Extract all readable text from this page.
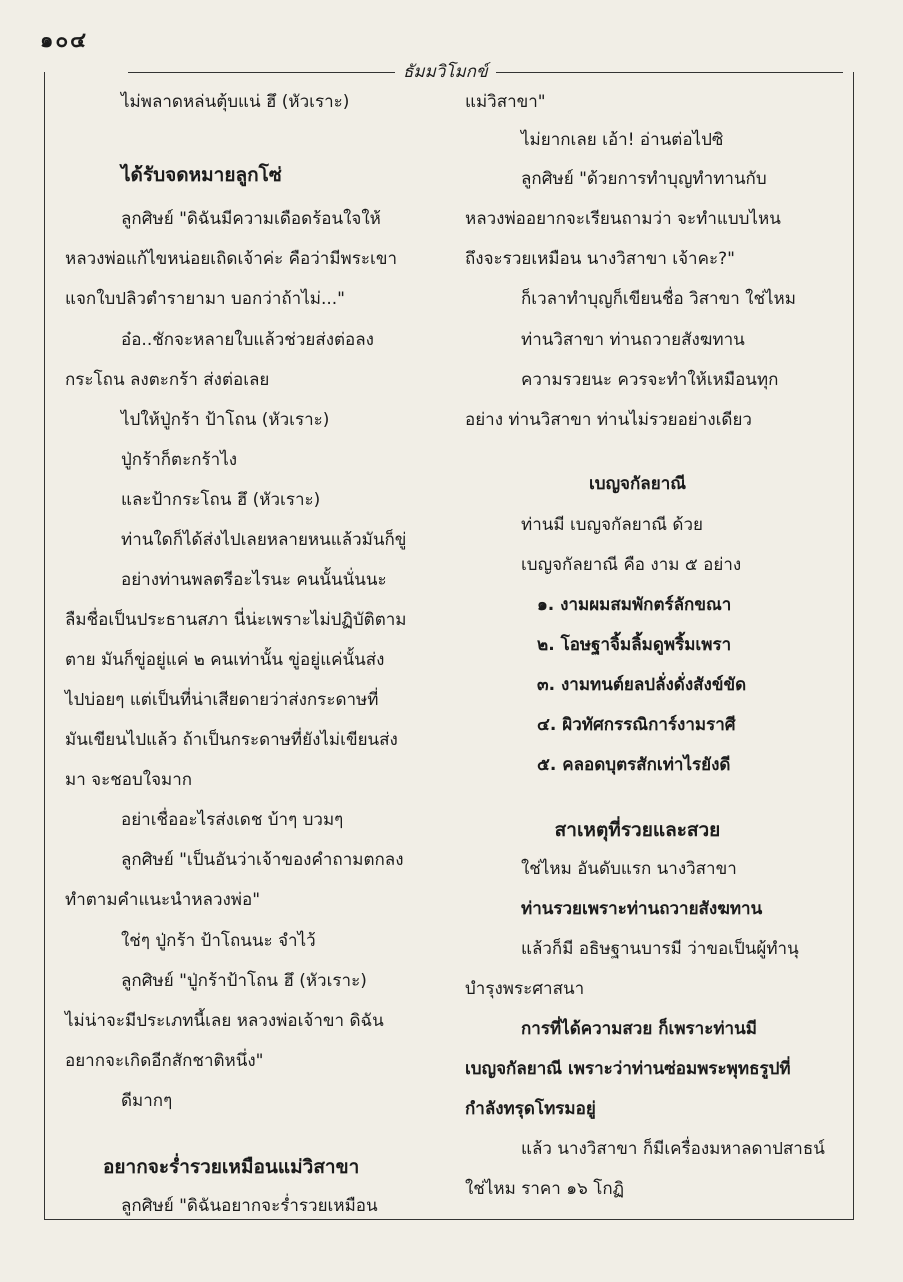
๑๐๔
ธัมมวิโมกข์
ไม่พลาดหล่นตุ้บแน่ ฮึ (หัวเราะ)
ได้รับจดหมายลูกโซ่
ลูกศิษย์ "ดิฉันมีความเดือดร้อนใจให้
หลวงพ่อแก้ไขหน่อยเถิดเจ้าค่ะ คือว่ามีพระเขา
แจกใบปลิวตำรายามา บอกว่าถ้าไม่..."
อ๋อ..ชักจะหลายใบแล้วช่วยส่งต่อลง
กระโถน ลงตะกร้า ส่งต่อเลย
ไปให้ปู่กร้า ป้าโถน (หัวเราะ)
ปู่กร้าก็ตะกร้าไง
และป้ากระโถน ฮึ (หัวเราะ)
ท่านใดก็ได้ส่งไปเลยหลายหนแล้วมันก็ขู่
อย่างท่านพลตรีอะไรนะ คนนั้นนั่นนะ
ลืมชื่อเป็นประธานสภา นี่น่ะเพราะไม่ปฏิบัติตาม
ตาย มันก็ขู่อยู่แค่ ๒ คนเท่านั้น ขู่อยู่แค่นั้นส่ง
ไปบ่อยๆ แต่เป็นที่น่าเสียดายว่าส่งกระดาษที่
มันเขียนไปแล้ว ถ้าเป็นกระดาษที่ยังไม่เขียนส่ง
มา จะชอบใจมาก
อย่าเชื่ออะไรส่งเดช บ้าๆ บวมๆ
ลูกศิษย์ "เป็นอันว่าเจ้าของคำถามตกลง
ทำตามคำแนะนำหลวงพ่อ"
ใช่ๆ ปู่กร้า ป้าโถนนะ จำไว้
ลูกศิษย์ "ปู่กร้าป้าโถน ฮึ (หัวเราะ)
ไม่น่าจะมีประเภทนี้เลย หลวงพ่อเจ้าขา ดิฉัน
อยากจะเกิดอีกสักชาติหนึ่ง"
ดีมากๆ
อยากจะร่ำรวยเหมือนแม่วิสาขา
ลูกศิษย์ "ดิฉันอยากจะร่ำรวยเหมือน
แม่วิสาขา"
ไม่ยากเลย เอ้า! อ่านต่อไปซิ
ลูกศิษย์ "ด้วยการทำบุญทำทานกับ
หลวงพ่ออยากจะเรียนถามว่า จะทำแบบไหน
ถึงจะรวยเหมือน นางวิสาขา เจ้าคะ?"
ก็เวลาทำบุญก็เขียนชื่อ วิสาขา ใช่ไหม
ท่านวิสาขา ท่านถวายสังฆทาน
ความรวยนะ ควรจะทำให้เหมือนทุก
อย่าง ท่านวิสาขา ท่านไม่รวยอย่างเดียว
เบญจกัลยาณี
ท่านมี เบญจกัลยาณี ด้วย
เบญจกัลยาณี คือ งาม ๕ อย่าง
๑. งามผมสมพักตร์ลักขณา
๒. โอษฐาจิ้มลิ้มดูพริ้มเพรา
๓. งามทนต์ยลปลั่งดั่งสังข์ขัด
๔. ผิวทัศกรรณิการ์งามราศี
๕. คลอดบุตรสักเท่าไรยังดี
สาเหตุที่รวยและสวย
ใช่ไหม อันดับแรก นางวิสาขา
ท่านรวยเพราะท่านถวายสังฆทาน
แล้วก็มี อธิษฐานบารมี ว่าขอเป็นผู้ทำนุ
บำรุงพระศาสนา
การที่ได้ความสวย ก็เพราะท่านมี
เบญจกัลยาณี เพราะว่าท่านซ่อมพระพุทธรูปที่
กำลังทรุดโทรมอยู่
แล้ว นางวิสาขา ก็มีเครื่องมหาลดาปสาธน์
ใช่ไหม ราคา ๑๖ โกฏิ
